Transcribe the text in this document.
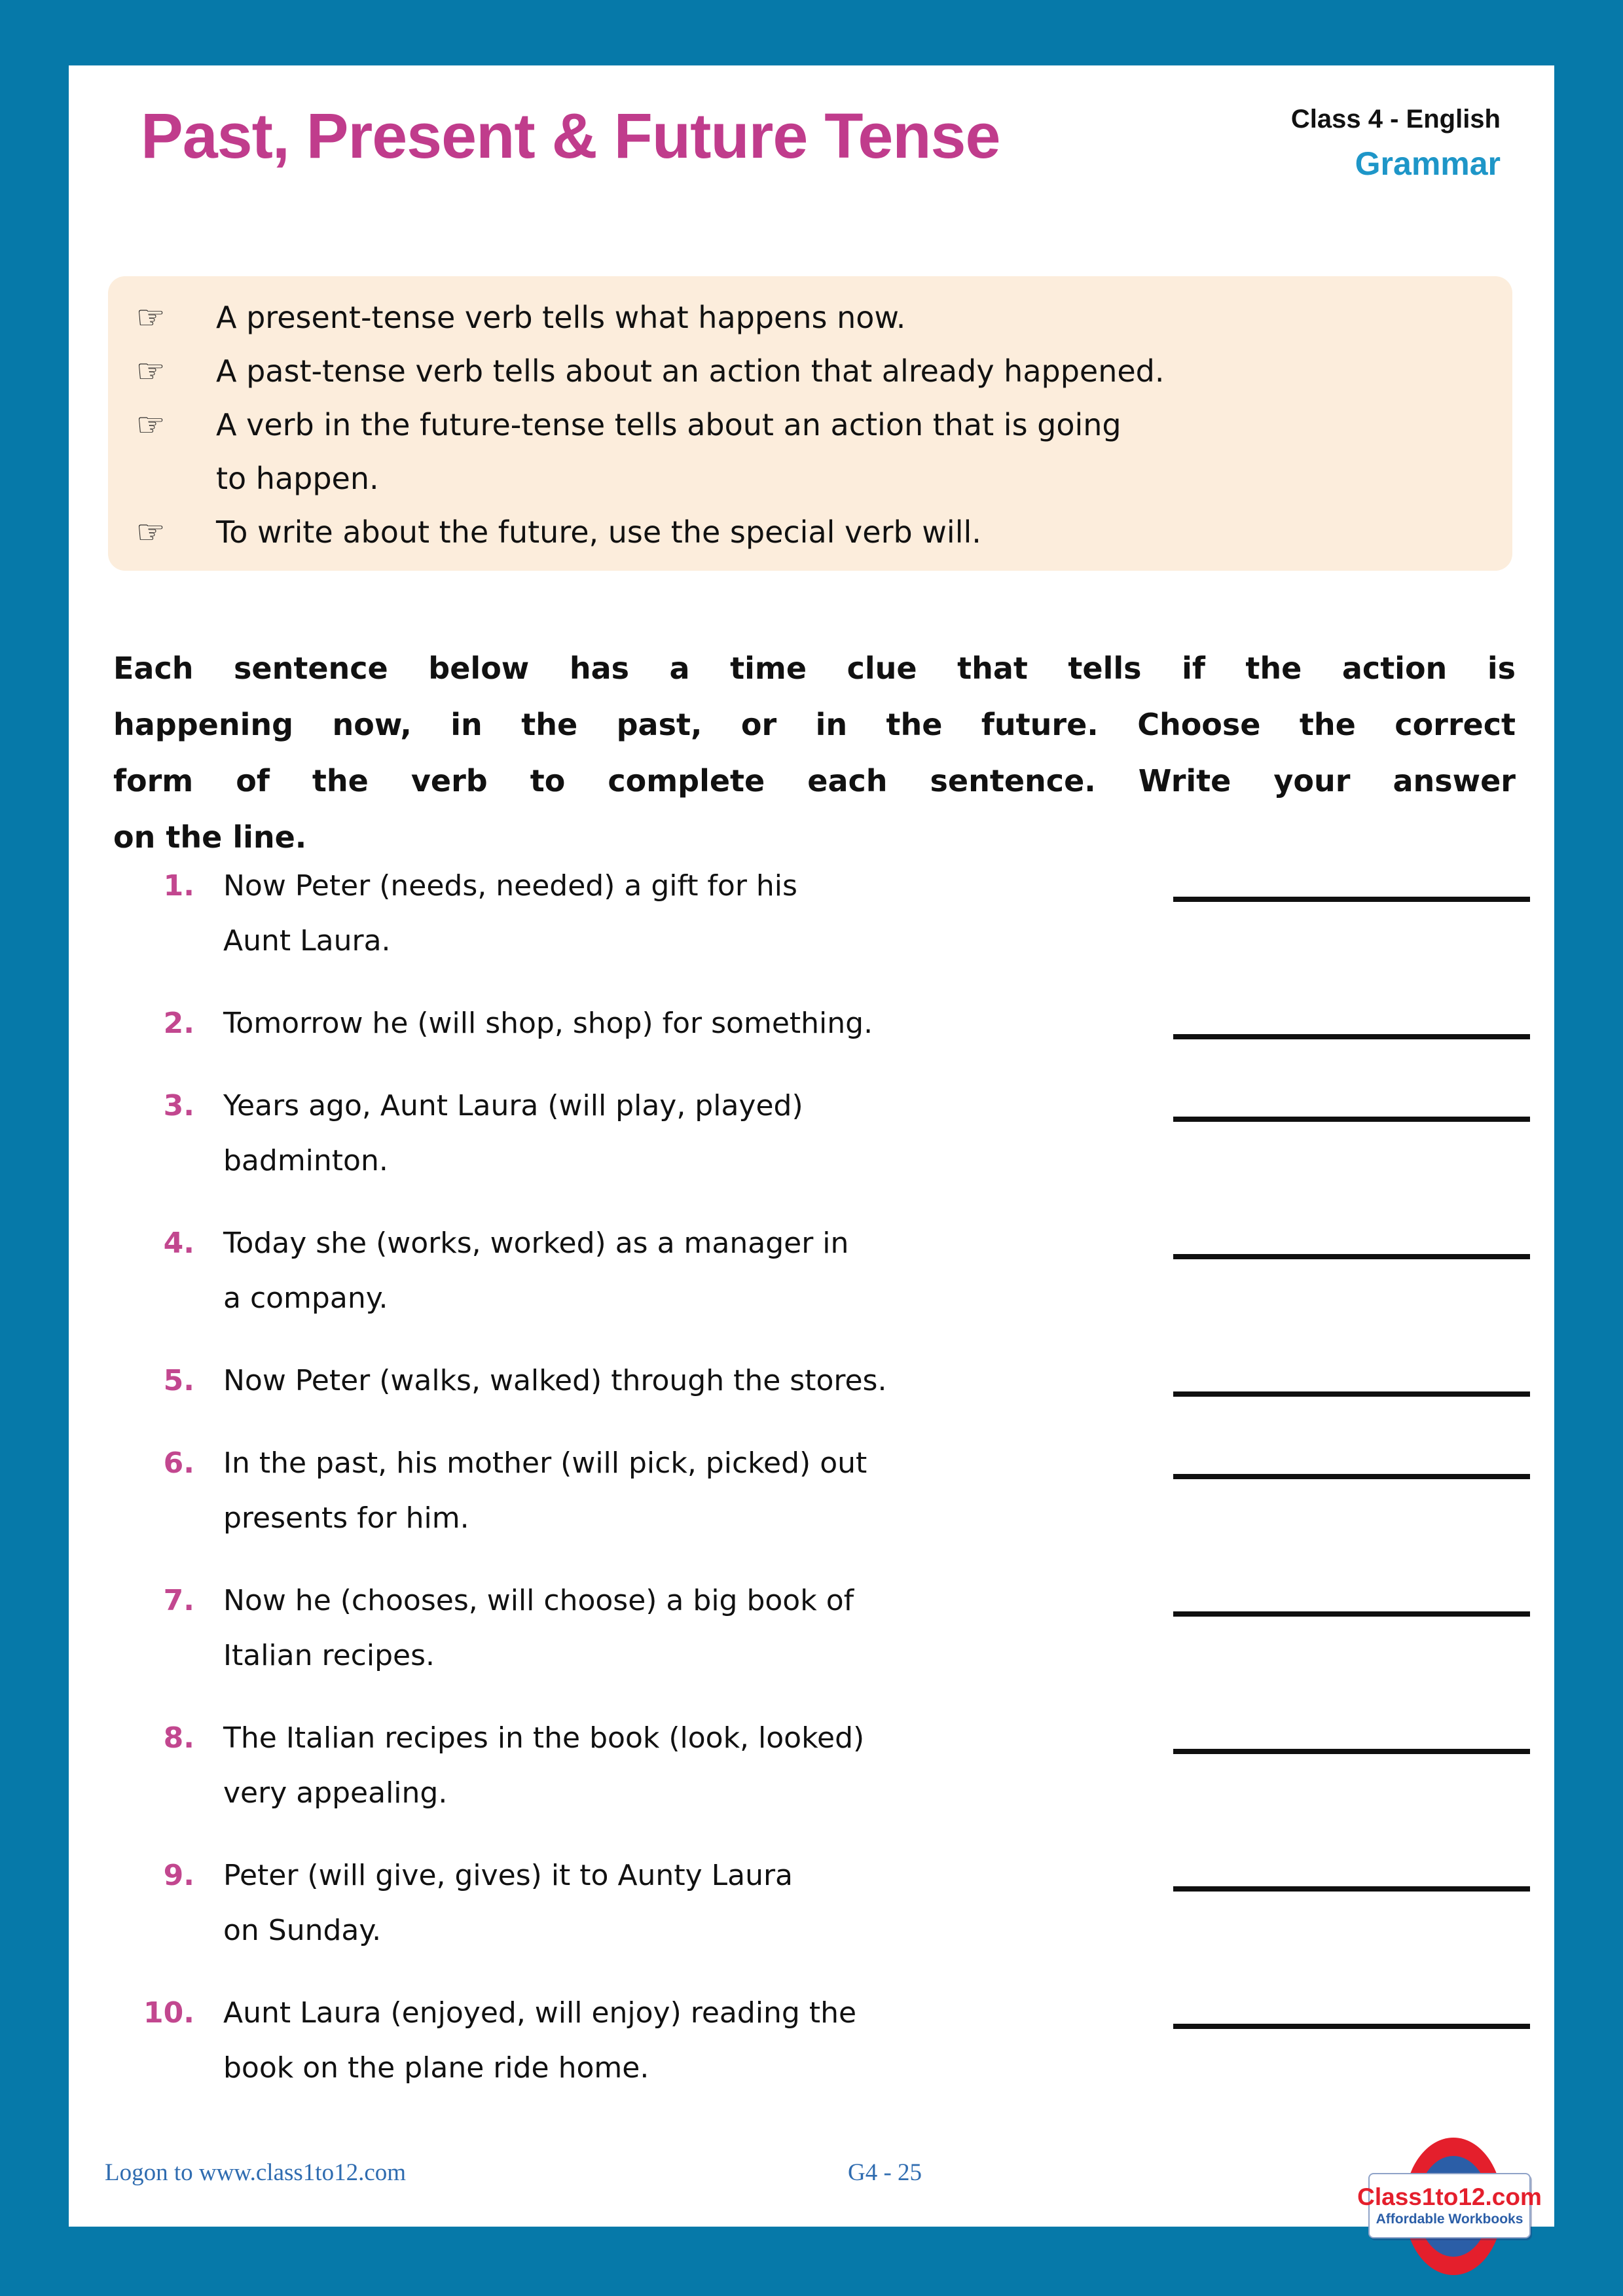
Past, Present & Future Tense	Class 4 - English
Grammar
☞ A present-tense verb tells what happens now.
☞ A past-tense verb tells about an action that already happened.
☞ A verb in the future-tense tells about an action that is going
to happen.
☞ To write about the future, use the special verb will.
Each sentence below has a time clue that tells if the action is
happening now, in the past, or in the future. Choose the correct
form of the verb to complete each sentence. Write your answer
on the line.
1. Now Peter (needs, needed) a gift for his
Aunt Laura.
2. Tomorrow he (will shop, shop) for something.
3. Years ago, Aunt Laura (will play, played)
badminton.
4. Today she (works, worked) as a manager in
a company.
5. Now Peter (walks, walked) through the stores.
6. In the past, his mother (will pick, picked) out
presents for him.
7. Now he (chooses, will choose) a big book of
Italian recipes.
8. The Italian recipes in the book (look, looked)
very appealing.
9. Peter (will give, gives) it to Aunty Laura
on Sunday.
10. Aunt Laura (enjoyed, will enjoy) reading the
book on the plane ride home.
Logon to www.class1to12.com	G4 - 25
Class1to12.com
Affordable Workbooks
